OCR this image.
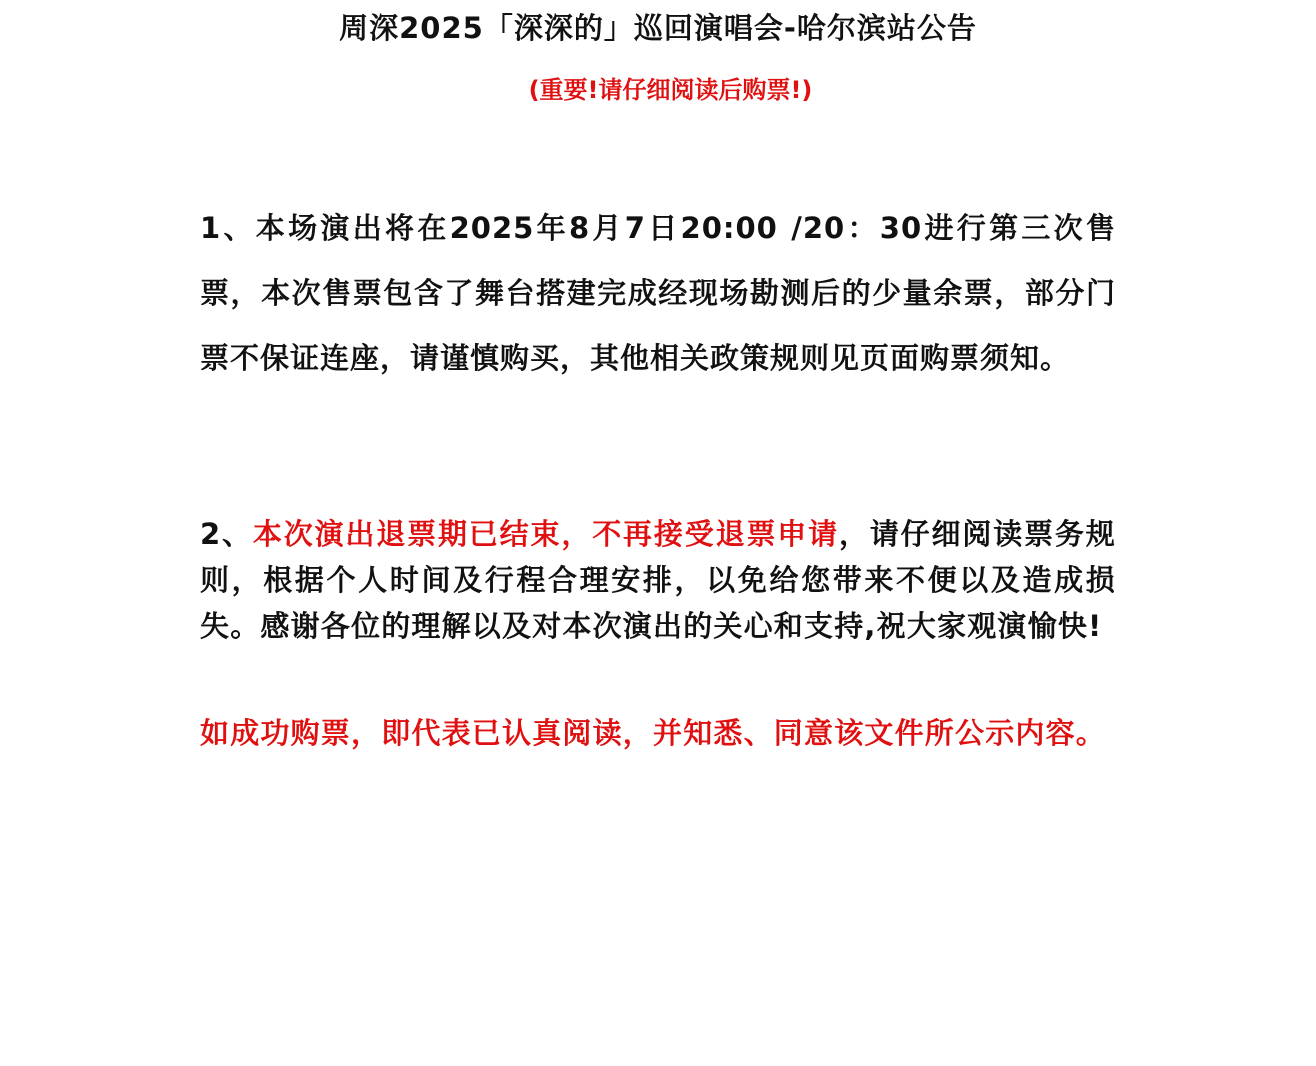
周深2025「深深的」巡回演唱会-哈尔滨站公告
(重要!请仔细阅读后购票!)
1、本场演出将在2025年8月7日20:00 /20：30进行第三次售票，本次售票包含了舞台搭建完成经现场勘测后的少量余票，部分门票不保证连座，请谨慎购买，其他相关政策规则见页面购票须知。
2、本次演出退票期已结束，不再接受退票申请，请仔细阅读票务规则，根据个人时间及行程合理安排，以免给您带来不便以及造成损失。感谢各位的理解以及对本次演出的关心和支持,祝大家观演愉快!
如成功购票，即代表已认真阅读，并知悉、同意该文件所公示内容。
